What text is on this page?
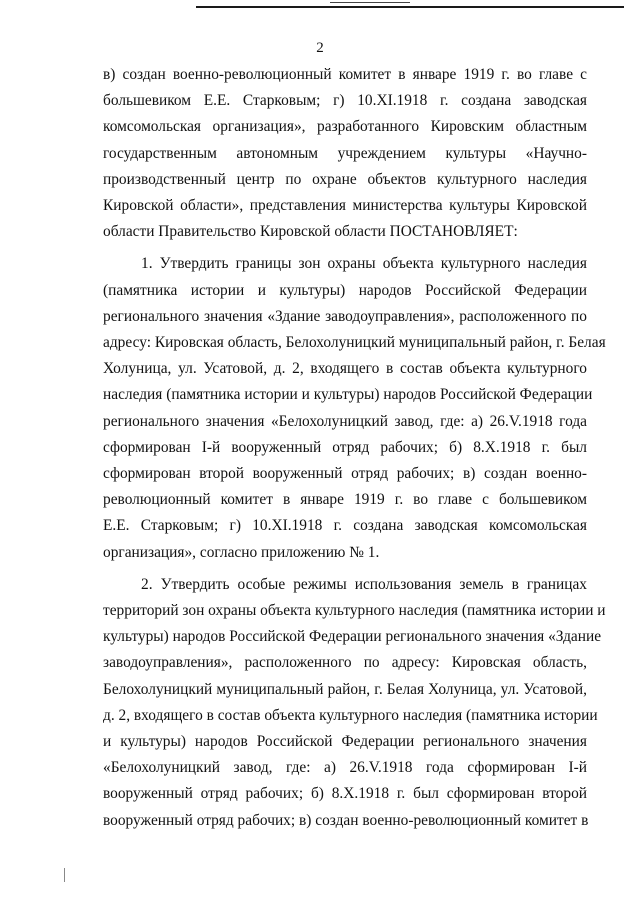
2
в) создан военно-революционный комитет в январе 1919 г. во главе с
большевиком Е.Е. Старковым; г) 10.XI.1918 г. создана заводская
комсомольская организация», разработанного Кировским областным
государственным автономным учреждением культуры «Научно-
производственный центр по охране объектов культурного наследия
Кировской области», представления министерства культуры Кировской
области Правительство Кировской области ПОСТАНОВЛЯЕТ:
1. Утвердить границы зон охраны объекта культурного наследия
(памятника истории и культуры) народов Российской Федерации
регионального значения «Здание заводоуправления», расположенного по
адресу: Кировская область, Белохолуницкий муниципальный район, г. Белая
Холуница, ул. Усатовой, д. 2, входящего в состав объекта культурного
наследия (памятника истории и культуры) народов Российской Федерации
регионального значения «Белохолуницкий завод, где: а) 26.V.1918 года
сформирован I-й вооруженный отряд рабочих; б) 8.X.1918 г. был
сформирован второй вооруженный отряд рабочих; в) создан военно-
революционный комитет в январе 1919 г. во главе с большевиком
Е.Е. Старковым; г) 10.XI.1918 г. создана заводская комсомольская
организация», согласно приложению № 1.
2. Утвердить особые режимы использования земель в границах
территорий зон охраны объекта культурного наследия (памятника истории и
культуры) народов Российской Федерации регионального значения «Здание
заводоуправления», расположенного по адресу: Кировская область,
Белохолуницкий муниципальный район, г. Белая Холуница, ул. Усатовой,
д. 2, входящего в состав объекта культурного наследия (памятника истории
и культуры) народов Российской Федерации регионального значения
«Белохолуницкий завод, где: а) 26.V.1918 года сформирован I-й
вооруженный отряд рабочих; б) 8.X.1918 г. был сформирован второй
вооруженный отряд рабочих; в) создан военно-революционный комитет в
